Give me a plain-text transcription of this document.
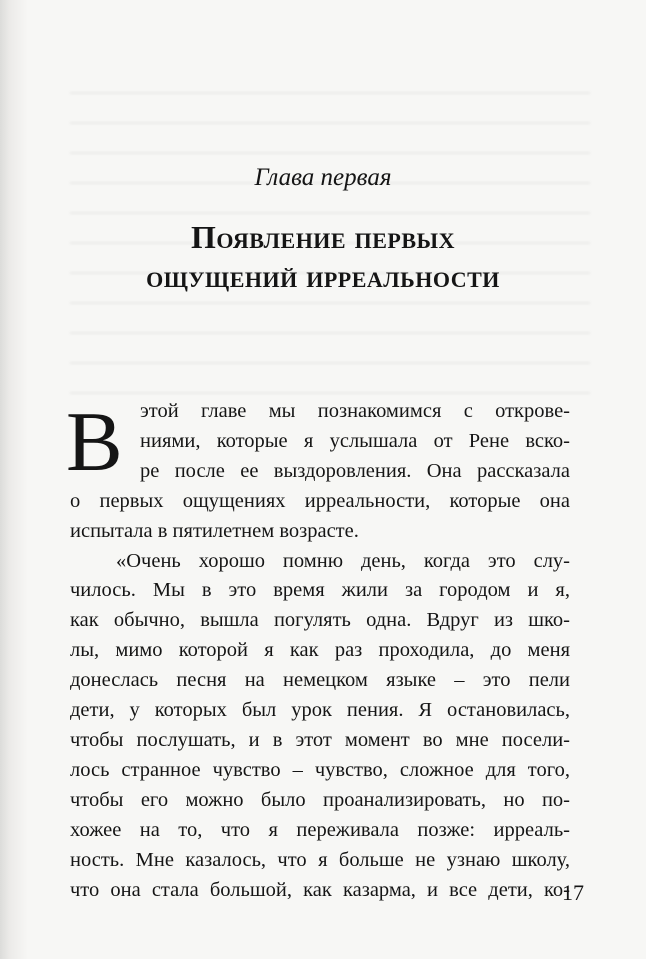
Глава первая
Появление первых
ощущений ирреальности
В этой главе мы познакомимся с открове-
ниями, которые я услышала от Рене вско-
ре после ее выздоровления. Она рассказала
о первых ощущениях ирреальности, которые она
испытала в пятилетнем возрасте.
«Очень хорошо помню день, когда это слу-
чилось. Мы в это время жили за городом и я,
как обычно, вышла погулять одна. Вдруг из шко-
лы, мимо которой я как раз проходила, до меня
донеслась песня на немецком языке – это пели
дети, у которых был урок пения. Я остановилась,
чтобы послушать, и в этот момент во мне посели-
лось странное чувство – чувство, сложное для того,
чтобы его можно было проанализировать, но по-
хожее на то, что я переживала позже: ирреаль-
ность. Мне казалось, что я больше не узнаю школу,
что она стала большой, как казарма, и все дети, ко-
17
